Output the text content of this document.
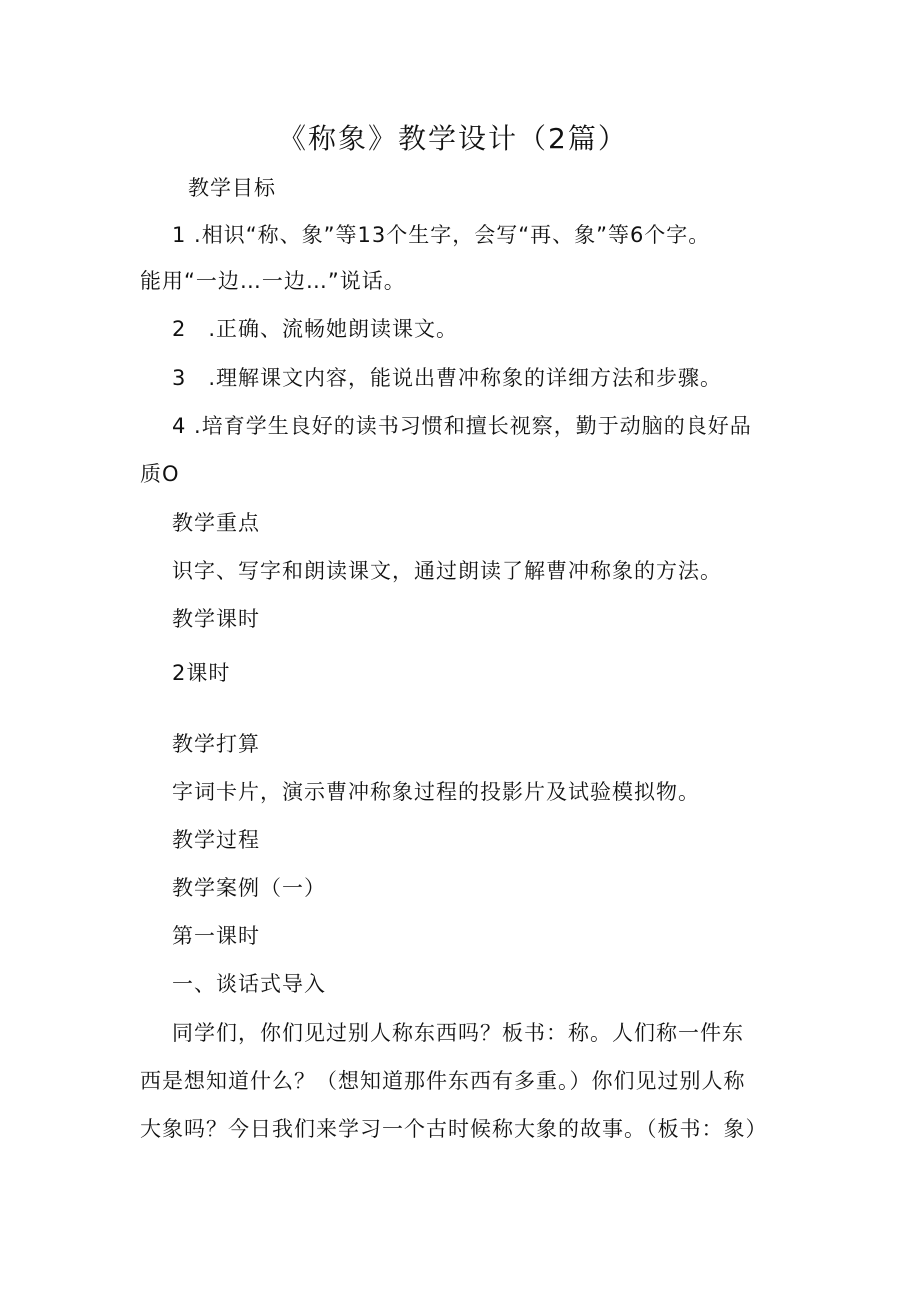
《称象》教学设计（2篇）
教学目标
1 .相识“称、象”等13个生字，会写“再、象”等6个字。
能用“一边…一边…”说话。
2　.正确、流畅她朗读课文。
3　.理解课文内容，能说出曹冲称象的详细方法和步骤。
4 .培育学生良好的读书习惯和擅长视察，勤于动脑的良好品
质O
教学重点
识字、写字和朗读课文，通过朗读了解曹冲称象的方法。
教学课时
2课时
教学打算
字词卡片，演示曹冲称象过程的投影片及试验模拟物。
教学过程
教学案例（一）
第一课时
一、谈话式导入
同学们，你们见过别人称东西吗？板书：称。人们称一件东
西是想知道什么？（想知道那件东西有多重。）你们见过别人称
大象吗？今日我们来学习一个古时候称大象的故事。（板书：象）
